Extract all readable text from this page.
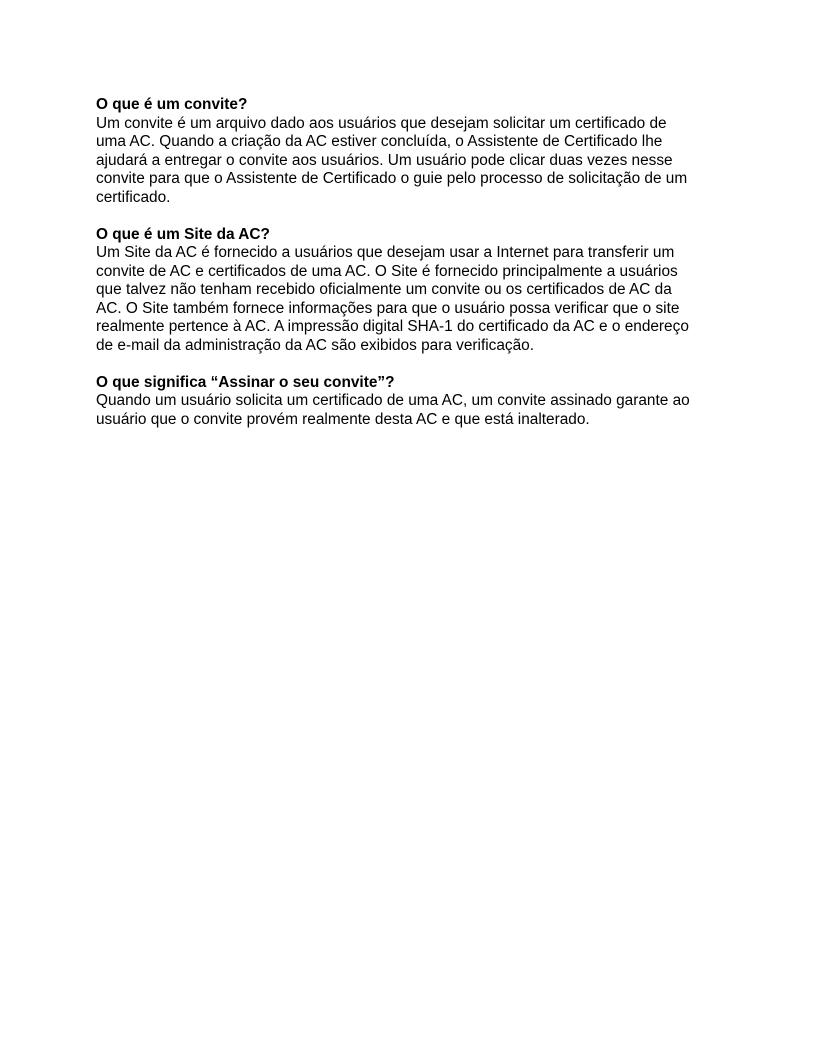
O que é um convite?
Um convite é um arquivo dado aos usuários que desejam solicitar um certificado de
uma AC. Quando a criação da AC estiver concluída, o Assistente de Certificado lhe
ajudará a entregar o convite aos usuários. Um usuário pode clicar duas vezes nesse
convite para que o Assistente de Certificado o guie pelo processo de solicitação de um
certificado.
O que é um Site da AC?
Um Site da AC é fornecido a usuários que desejam usar a Internet para transferir um
convite de AC e certificados de uma AC. O Site é fornecido principalmente a usuários
que talvez não tenham recebido oficialmente um convite ou os certificados de AC da
AC. O Site também fornece informações para que o usuário possa verificar que o site
realmente pertence à AC. A impressão digital SHA-1 do certificado da AC e o endereço
de e-mail da administração da AC são exibidos para verificação.
O que significa “Assinar o seu convite”?
Quando um usuário solicita um certificado de uma AC, um convite assinado garante ao
usuário que o convite provém realmente desta AC e que está inalterado.
